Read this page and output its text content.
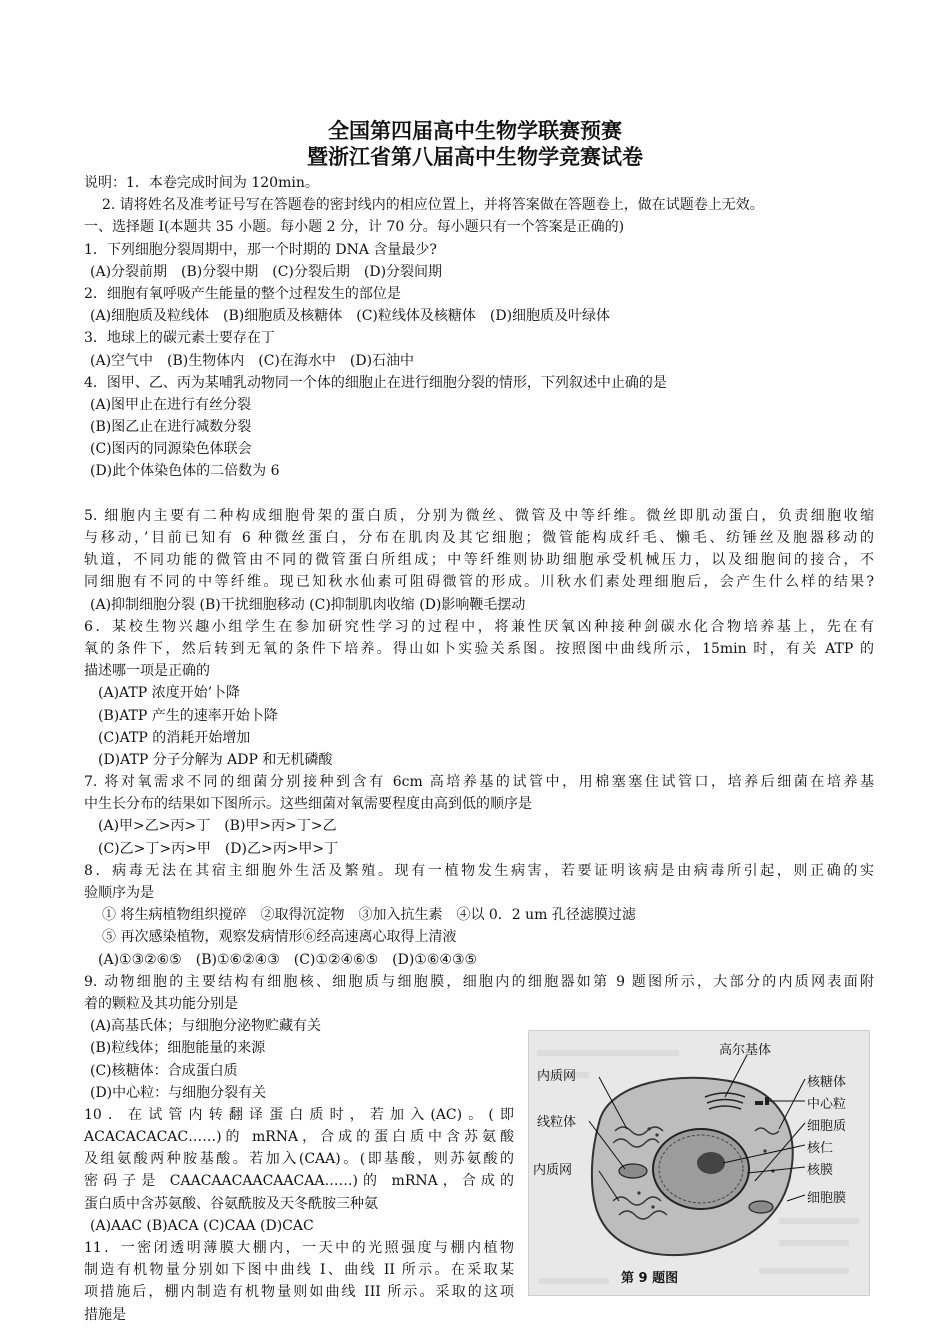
全国第四届高中生物学联赛预赛
暨浙江省第八届高中生物学竞赛试卷
说明：1．本卷完成时间为 120min。
2. 请将姓名及准考证号写在答题卷的密封线内的相应位置上，并将答案做在答题卷上，做在试题卷上无效。
一、选择题 I(本题共 35 小题。每小题 2 分，计 70 分。每小题只有一个答案是正确的)
1．下列细胞分裂周期中，那一个时期的 DNA 含量最少?
(A)分裂前期　(B)分裂中期　(C)分裂后期　(D)分裂间期
2．细胞有氧呼吸产生能量的整个过程发生的部位是
(A)细胞质及粒线体　(B)细胞质及核糖体　(C)粒线体及核糖体　(D)细胞质及叶绿体
3．地球上的碳元素士要存在丁
(A)空气中　(B)生物体内　(C)在海水中　(D)石油中
4．图甲、乙、丙为某哺乳动物同一个体的细胞止在进行细胞分裂的情形，下列叙述中止确的是
(A)图甲止在进行有丝分裂
(B)图乙止在进行减数分裂
(C)图丙的同源染色体联会
(D)此个体染色体的二倍数为 6
5. 细胞内主要有二种构成细胞骨架的蛋白质，分别为微丝、微管及中等纤维。微丝即肌动蛋白，负责细胞收缩
与移动，’目前已知有 6 种微丝蛋白，分布在肌肉及其它细胞；微管能构成纤毛、懒毛、纺锤丝及胞器移动的
轨道，不同功能的微管由不同的微管蛋白所组成；中等纤维则协助细胞承受机械压力，以及细胞间的接合，不
同细胞有不同的中等纤维。现已知秋水仙素可阻碍微管的形成。川秋水们素处理细胞后，会产生什么样的结果?
(A)抑制细胞分裂 (B)干扰细胞移动 (C)抑制肌肉收缩 (D)影响鞭毛摆动
6．某校生物兴趣小组学生在参加研究性学习的过程中，将兼性厌氧凶种接种剑碳水化合物培养基上，先在有
氧的条件下，然后转到无氧的条件下培养。得山如卜实验关系图。按照图中曲线所示，15min 时，有关 ATP 的
描述哪一项是正确的
(A)ATP 浓度开始’卜降
(B)ATP 产生的速率开始卜降
(C)ATP 的消耗开始增加
(D)ATP 分子分解为 ADP 和无机磷酸
7. 将对氧需求不同的细菌分别接种到含有 6cm 高培养基的试管中，用棉塞塞住试管口，培养后细菌在培养基
中生长分布的结果如下图所示。这些细菌对氧需要程度由高到低的顺序是
(A)甲>乙>丙>丁　(B)甲>丙>丁>乙
(C)乙>丁>丙>甲　(D)乙>丙>甲>丁
8．病毒无法在其宿主细胞外生活及繁殖。现有一植物发生病害，若要证明该病是由病毒所引起，则正确的实
验顺序为是
① 将生病植物组织搅碎　②取得沉淀物　③加入抗生素　④以 0．2 um 孔径滤膜过滤
⑤ 再次感染植物，观察发病情形⑥经高速离心取得上清液
(A)①③②⑥⑤　(B)①⑥②④③　(C)①②④⑥⑤　(D)①⑥④③⑤
9. 动物细胞的主要结构有细胞核、细胞质与细胞膜，细胞内的细胞器如第 9 题图所示，大部分的内质网表面附
着的颗粒及其功能分别是
(A)高基氏体；与细胞分泌物贮藏有关
(B)粒线体；细胞能量的来源
(C)核糖体：合成蛋白质
(D)中心粒：与细胞分裂有关
10．在试管内转翻译蛋白质时，若加入(AC)。(即
ACACACACAC……)的 mRNA，合成的蛋白质中含苏氨酸
及组氨酸两种胺基酸。若加入(CAA)。(即基酸，则苏氨酸的
密码子是 CAACAACAACAACAA……)的 mRNA，合成的
蛋白质中含苏氨酸、谷氨酰胺及天冬酰胺三种氨
(A)AAC (B)ACA (C)CAA (D)CAC
11．一密闭透明薄膜大棚内，一天中的光照强度与棚内植物
制造有机物量分别如下图中曲线 I、曲线 II 所示。在采取某
项措施后，棚内制造有机物量则如曲线 III 所示。采取的这项
措施是
高尔基体
内质网
线粒体
内质网
核糖体
中心粒
细胞质
核仁
核膜
细胞膜
第 9 题图
